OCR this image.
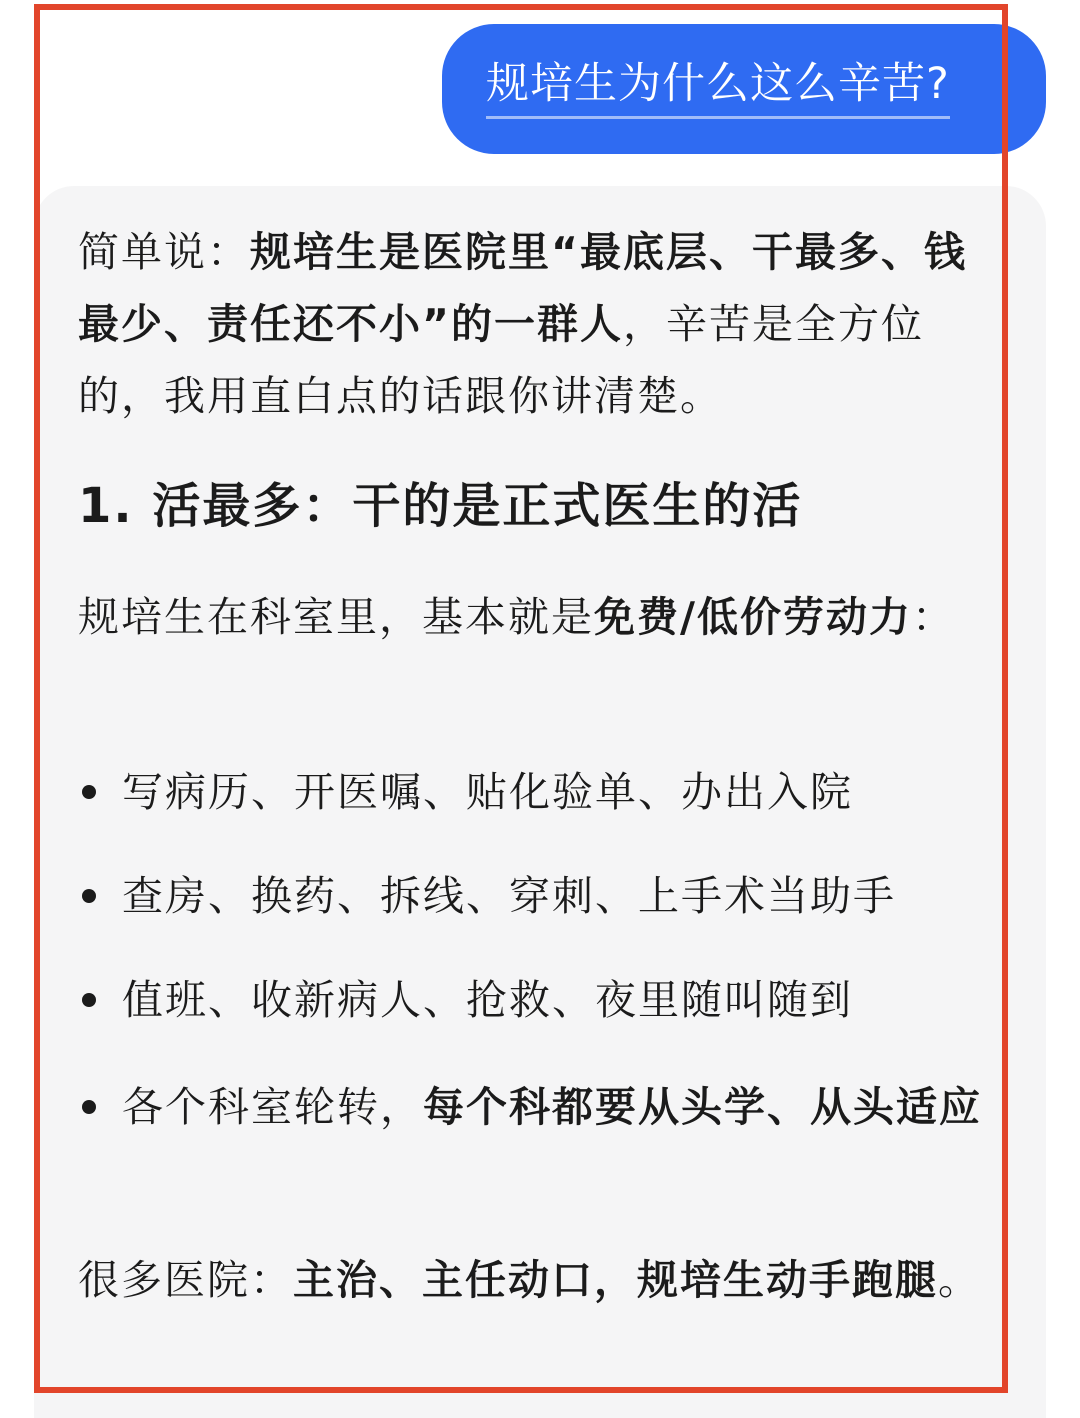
规培生为什么这么辛苦?

简单说：规培生是医院里“最底层、干最多、钱最少、责任还不小”的一群人，辛苦是全方位的，我用直白点的话跟你讲清楚。

1. 活最多：干的是正式医生的活

规培生在科室里，基本就是免费/低价劳动力：

写病历、开医嘱、贴化验单、办出入院
查房、换药、拆线、穿刺、上手术当助手
值班、收新病人、抢救、夜里随叫随到
各个科室轮转，每个科都要从头学、从头适应

很多医院：主治、主任动口，规培生动手跑腿。
